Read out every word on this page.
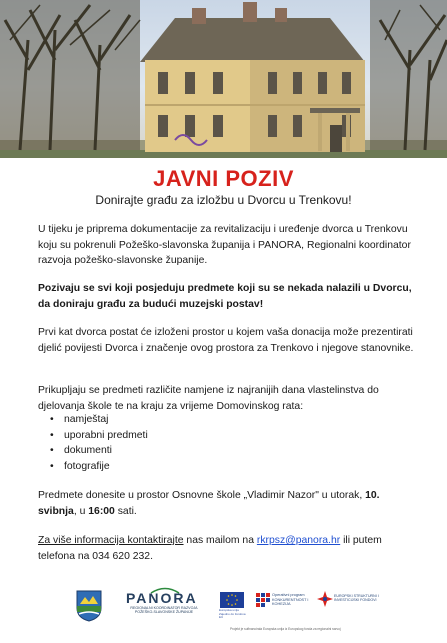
JAVNI POZIV
Donirajte građu za izložbu u Dvorcu u Trenkovu!

U tijeku je priprema dokumentacije za revitalizaciju i uređenje dvorca u Trenkovu koju su pokrenuli Požeško-slavonska županija i PANORA, Regionalni koordinator razvoja požeško-slavonske županije.

Pozivaju se svi koji posjeduju predmete koji su se nekada nalazili u Dvorcu, da doniraju građu za budući muzejski postav!

Prvi kat dvorca postat će izloženi prostor u kojem vaša donacija može prezentirati djelić povijesti Dvorca i značenje ovog prostora za Trenkovo i njegove stanovnike.

Prikupljaju se predmeti različite namjene iz najranijih dana vlastelinstva do djelovanja škole te na kraju za vrijeme Domovinskog rata:

• namještaj
• uporabni predmeti
• dokumenti
• fotografije

Predmete donesite u prostor Osnovne škole „Vladimir Nazor" u utorak, 10. svibnja, u 16:00 sati.

Za više informacija kontaktirajte nas mailom na rkrpsz@panora.hr ili putem telefona na 034 620 232.

PANORA
REGIONALNI KOORDINATOR RAZVOJA POŽEŠKO-SLAVONSKE ŽUPANIJE
Europska unija Zajedno do fondova EU
Operativni program KONKURENTNOST I KOHEZIJA
EUROPSKI STRUKTURNI I INVESTICIJSKI FONDOVI
Projekt je sufinancirala Europska unija iz Europskog fonda za regionalni razvoj
